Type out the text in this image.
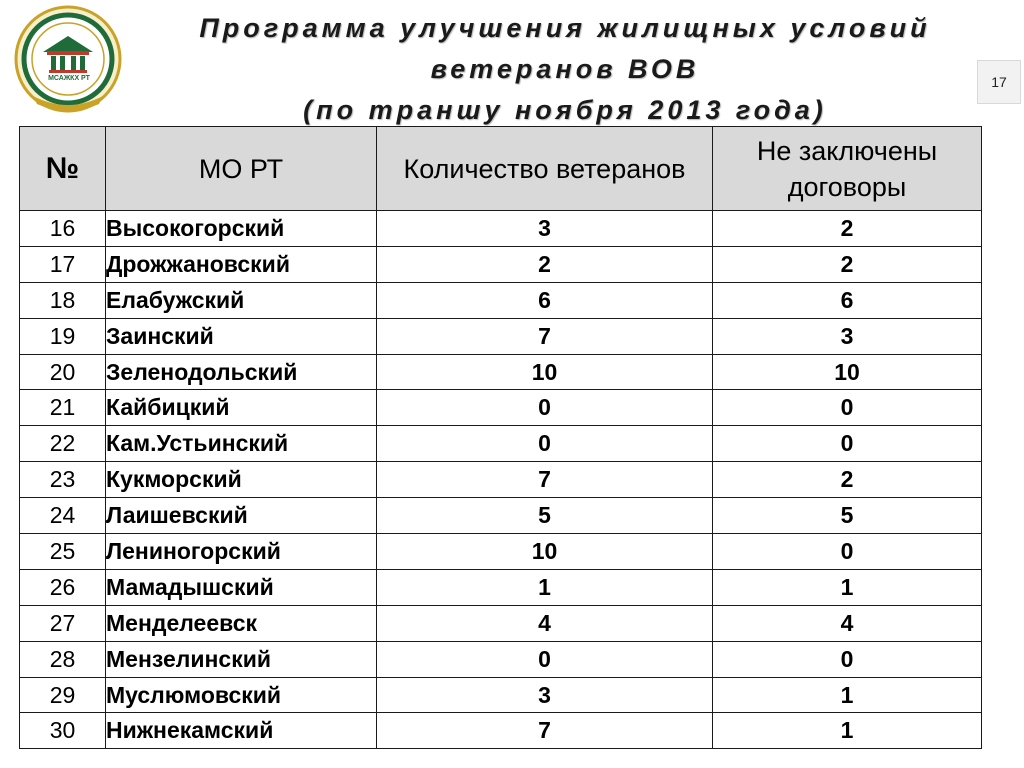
МСАЖКХ РТ
Программа улучшения жилищных условий
ветеранов ВОВ
(по траншу ноября 2013 года)
17
№	МО РТ	Количество ветеранов	Не заключены договоры
16	Высокогорский	3	2
17	Дрожжановский	2	2
18	Елабужский	6	6
19	Заинский	7	3
20	Зеленодольский	10	10
21	Кайбицкий	0	0
22	Кам.Устьинский	0	0
23	Кукморский	7	2
24	Лаишевский	5	5
25	Лениногорский	10	0
26	Мамадышский	1	1
27	Менделеевск	4	4
28	Мензелинский	0	0
29	Муслюмовский	3	1
30	Нижнекамский	7	1
